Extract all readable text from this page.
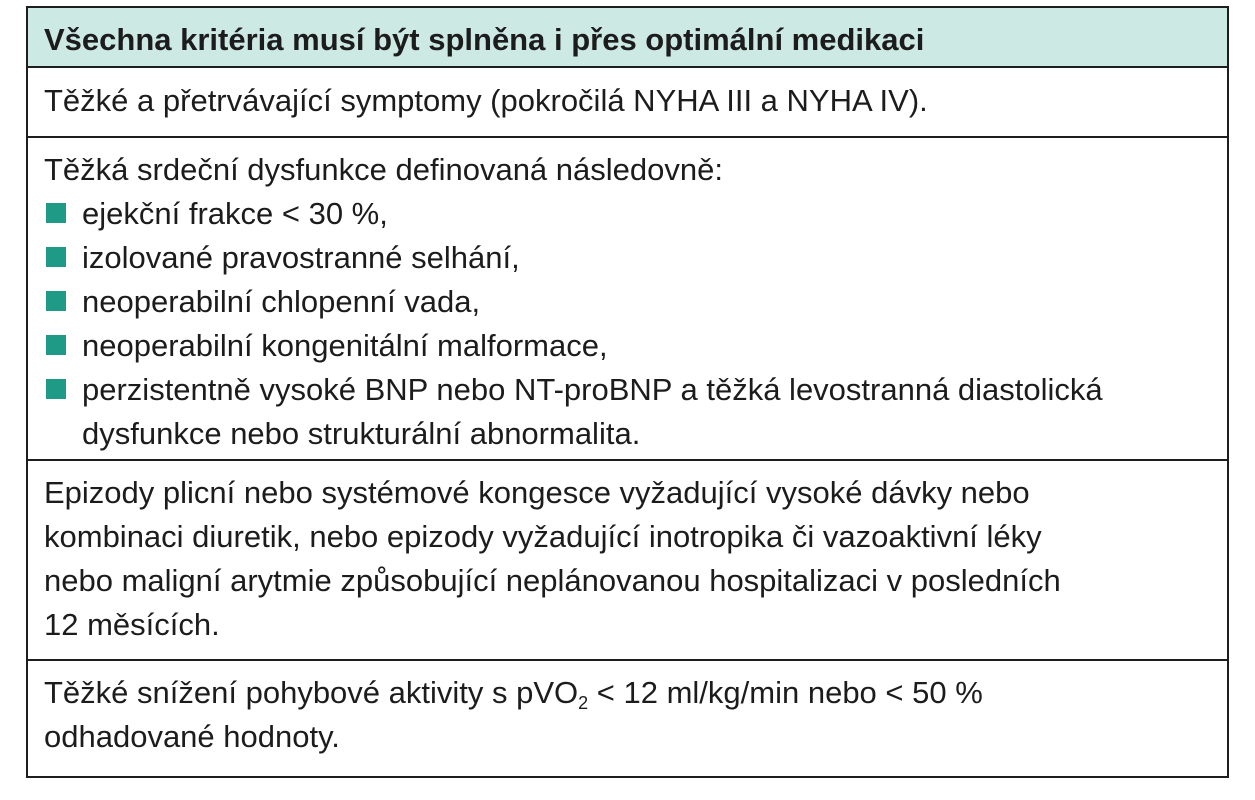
Všechna kritéria musí být splněna i přes optimální medikaci
Těžké a přetrvávající symptomy (pokročilá NYHA III a NYHA IV).
Těžká srdeční dysfunkce definovaná následovně:
ejekční frakce < 30 %,
izolované pravostranné selhání,
neoperabilní chlopenní vada,
neoperabilní kongenitální malformace,
perzistentně vysoké BNP nebo NT-proBNP a těžká levostranná diastolická
dysfunkce nebo strukturální abnormalita.
Epizody plicní nebo systémové kongesce vyžadující vysoké dávky nebo
kombinaci diuretik, nebo epizody vyžadující inotropika či vazoaktivní léky
nebo maligní arytmie způsobující neplánovanou hospitalizaci v posledních
12 měsících.
Těžké snížení pohybové aktivity s pVO$_2$ < 12 ml/kg/min nebo < 50 %
odhadované hodnoty.
